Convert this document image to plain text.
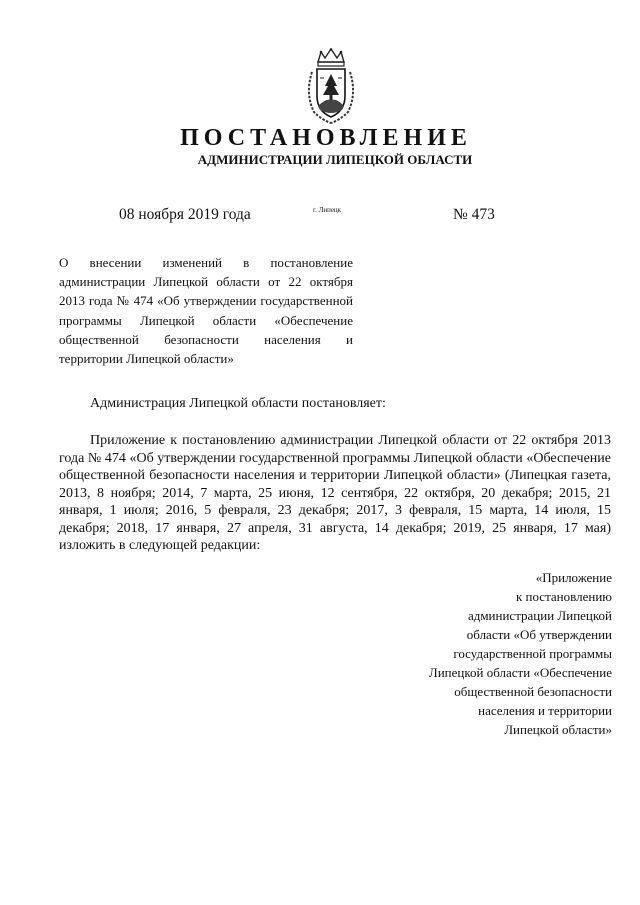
ПОСТАНОВЛЕНИЕ
АДМИНИСТРАЦИИ ЛИПЕЦКОЙ ОБЛАСТИ
08 ноября 2019 года	г. Липецк	№ 473
О внесении изменений в постановление администрации Липецкой области от 22 октября 2013 года № 474 «Об утверждении государственной программы Липецкой области «Обеспечение общественной безопасности населения и территории Липецкой области»
Администрация Липецкой области постановляет:
Приложение к постановлению администрации Липецкой области от 22 октября 2013 года № 474 «Об утверждении государственной программы Липецкой области «Обеспечение общественной безопасности населения и территории Липецкой области» (Липецкая газета, 2013, 8 ноября; 2014, 7 марта, 25 июня, 12 сентября, 22 октября, 20 декабря; 2015, 21 января, 1 июля; 2016, 5 февраля, 23 декабря; 2017, 3 февраля, 15 марта, 14 июля, 15 декабря; 2018, 17 января, 27 апреля, 31 августа, 14 декабря; 2019, 25 января, 17 мая) изложить в следующей редакции:
«Приложение
к постановлению
администрации Липецкой
области «Об утверждении
государственной программы
Липецкой области «Обеспечение
общественной безопасности
населения и территории
Липецкой области»
